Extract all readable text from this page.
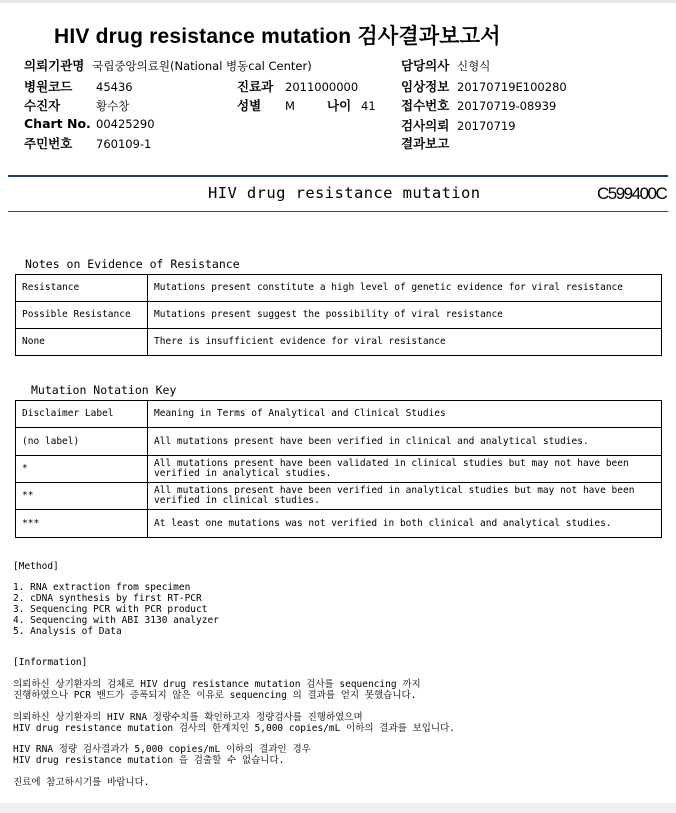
HIV drug resistance mutation 검사결과보고서
의뢰기관명 국립중앙의료원(National 병동cal Center)
병원코드 45436
수진자	황수창
Chart No. 00425290
주민번호 760109-1
진료과 2011000000
성별 M	나이 41
담당의사 신형식
임상정보 20170719E100280
접수번호 20170719-08939
검사의뢰 20170719
결과보고
HIV drug resistance mutation	C599400C
Notes on Evidence of Resistance
Resistance	Mutations present constitute a high level of genetic evidence for viral resistance
Possible Resistance	Mutations present suggest the possibility of viral resistance
None	There is insufficient evidence for viral resistance
Mutation Notation Key
Disclaimer Label	Meaning in Terms of Analytical and Clinical Studies
(no label)	All mutations present have been verified in clinical and analytical studies.
*	All mutations present have been validated in clinical studies but may not have been verified in analytical studies.
**	All mutations present have been verified in analytical studies but may not have been verified in clinical studies.
***	At least one mutations was not verified in both clinical and analytical studies.
[Method]
1. RNA extraction from specimen
2. cDNA synthesis by first RT-PCR
3. Sequencing PCR with PCR product
4. Sequencing with ABI 3130 analyzer
5. Analysis of Data
[Information]
의뢰하신 상기환자의 검체로 HIV drug resistance mutation 검사를 sequencing 까지
진행하였으나 PCR 밴드가 증폭되지 않은 이유로 sequencing 의 결과를 얻지 못했습니다.
의뢰하신 상기환자의 HIV RNA 정량수치를 확인하고자 정량검사를 진행하였으며
HIV drug resistance mutation 검사의 한계치인 5,000 copies/mL 이하의 결과를 보입니다.
HIV RNA 정량 검사결과가 5,000 copies/mL 이하의 결과인 경우
HIV drug resistance mutation 을 검출할 수 없습니다.
진료에 참고하시기를 바랍니다.
